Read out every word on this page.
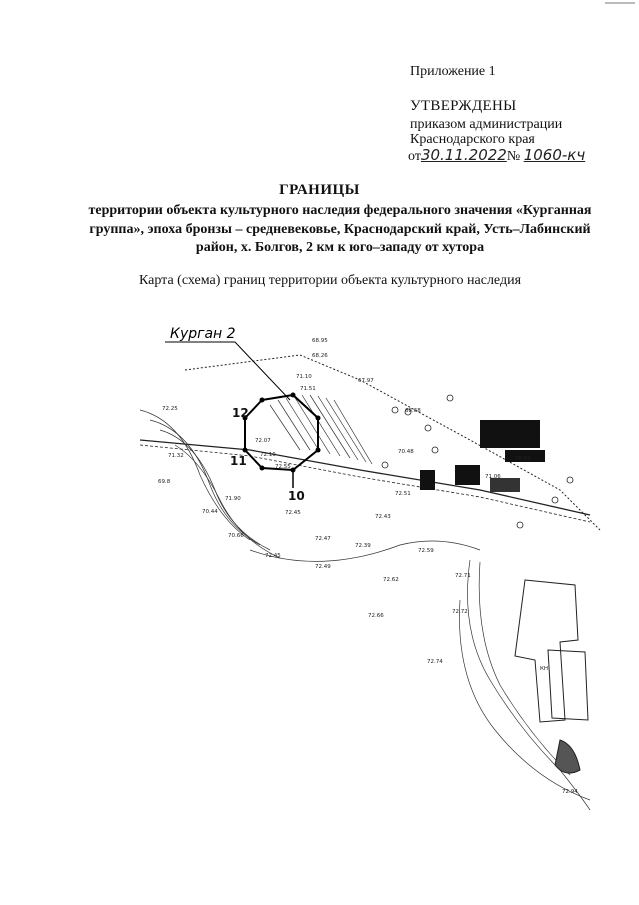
Приложение 1
УТВЕРЖДЕНЫ
приказом администрации
Краснодарского края
от30.11.2022№ 1060-кч
ГРАНИЦЫ
территории объекта культурного наследия федерального значения «Курганная группа», эпоха бронзы – средневековье, Краснодарский край, Усть–Лабинский район, х. Болгов, 2 км к юго–западу от хутора
Карта (схема) границ территории объекта культурного наследия
Курган 2
12
11
10
68.95
68.26
71.10
71.51
67.97
72.25
72.07
72.10
72.55
71.32
69.8
70.44
70.66
71.90
72.45
72.47
72.43
72.39
72.59
72.45
72.49
72.62
72.66
72.71
72.72
72.74
68.68
70.48
72.51
71.06
70.82
72.94
КН
